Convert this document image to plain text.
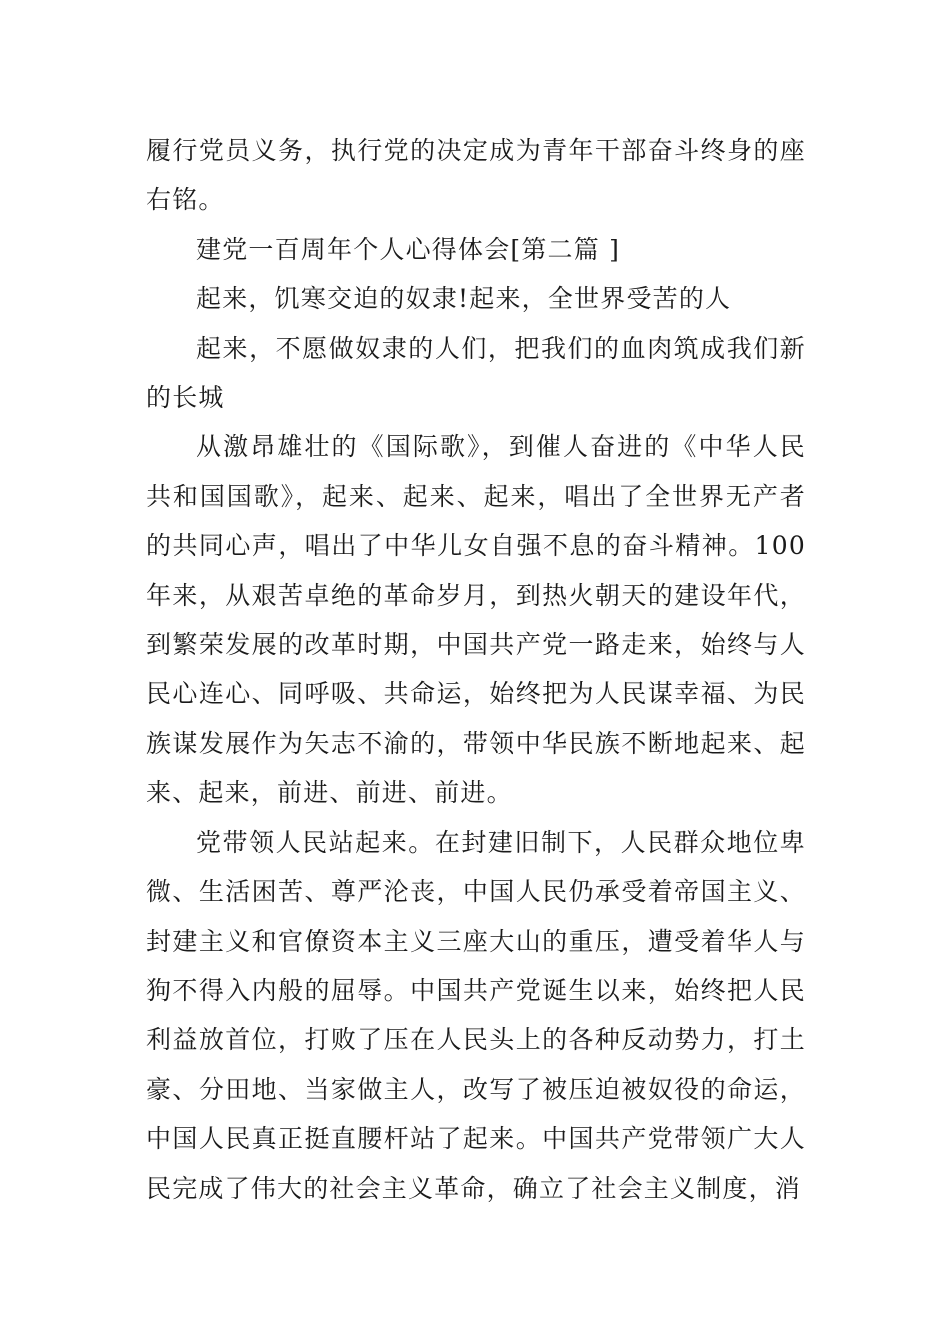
履行党员义务，执行党的决定成为青年干部奋斗终身的座右铭。

建党一百周年个人心得体会[第二篇 ]

起来，饥寒交迫的奴隶!起来，全世界受苦的人

起来，不愿做奴隶的人们，把我们的血肉筑成我们新的长城

从激昂雄壮的《国际歌》，到催人奋进的《中华人民共和国国歌》，起来、起来、起来，唱出了全世界无产者的共同心声，唱出了中华儿女自强不息的奋斗精神。100年来，从艰苦卓绝的革命岁月，到热火朝天的建设年代，到繁荣发展的改革时期，中国共产党一路走来，始终与人民心连心、同呼吸、共命运，始终把为人民谋幸福、为民族谋发展作为矢志不渝的，带领中华民族不断地起来、起来、起来，前进、前进、前进。

党带领人民站起来。在封建旧制下，人民群众地位卑微、生活困苦、尊严沦丧，中国人民仍承受着帝国主义、封建主义和官僚资本主义三座大山的重压，遭受着华人与狗不得入内般的屈辱。中国共产党诞生以来，始终把人民利益放首位，打败了压在人民头上的各种反动势力，打土豪、分田地、当家做主人，改写了被压迫被奴役的命运，中国人民真正挺直腰杆站了起来。中国共产党带领广大人民完成了伟大的社会主义革命，确立了社会主义制度，消
